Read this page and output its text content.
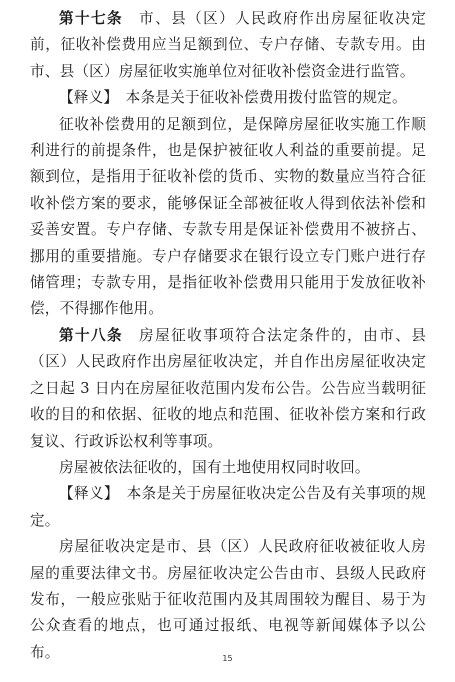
第十七条　市、县（区）人民政府作出房屋征收决定前，征收补偿费用应当足额到位、专户存储、专款专用。由市、县（区）房屋征收实施单位对征收补偿资金进行监管。

【释义】　本条是关于征收补偿费用拨付监管的规定。

征收补偿费用的足额到位，是保障房屋征收实施工作顺利进行的前提条件，也是保护被征收人利益的重要前提。足额到位，是指用于征收补偿的货币、实物的数量应当符合征收补偿方案的要求，能够保证全部被征收人得到依法补偿和妥善安置。专户存储、专款专用是保证补偿费用不被挤占、挪用的重要措施。专户存储要求在银行设立专门账户进行存储管理；专款专用，是指征收补偿费用只能用于发放征收补偿，不得挪作他用。

第十八条　房屋征收事项符合法定条件的，由市、县（区）人民政府作出房屋征收决定，并自作出房屋征收决定之日起 3 日内在房屋征收范围内发布公告。公告应当载明征收的目的和依据、征收的地点和范围、征收补偿方案和行政复议、行政诉讼权利等事项。

房屋被依法征收的，国有土地使用权同时收回。

【释义】　本条是关于房屋征收决定公告及有关事项的规定。

房屋征收决定是市、县（区）人民政府征收被征收人房屋的重要法律文书。房屋征收决定公告由市、县级人民政府发布，一般应张贴于征收范围内及其周围较为醒目、易于为公众查看的地点，也可通过报纸、电视等新闻媒体予以公布。	15
